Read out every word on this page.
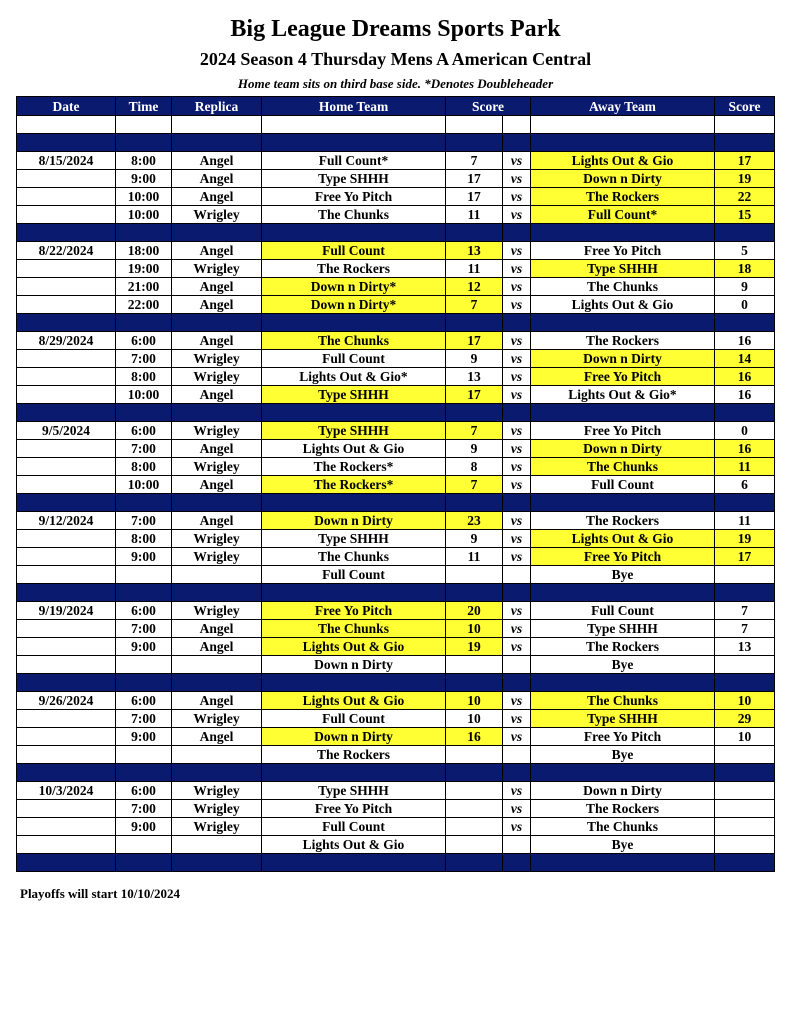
Big League Dreams Sports Park
2024 Season 4 Thursday Mens A American Central
Home team sits on third base side. *Denotes Doubleheader
Date	Time	Replica	Home Team	Score		Away Team	Score

8/15/2024	8:00	Angel	Full Count*	7	vs	Lights Out & Gio	17
	9:00	Angel	Type SHHH	17	vs	Down n Dirty	19
	10:00	Angel	Free Yo Pitch	17	vs	The Rockers	22
	10:00	Wrigley	The Chunks	11	vs	Full Count*	15

8/22/2024	18:00	Angel	Full Count	13	vs	Free Yo Pitch	5
	19:00	Wrigley	The Rockers	11	vs	Type SHHH	18
	21:00	Angel	Down n Dirty*	12	vs	The Chunks	9
	22:00	Angel	Down n Dirty*	7	vs	Lights Out & Gio	0

8/29/2024	6:00	Angel	The Chunks	17	vs	The Rockers	16
	7:00	Wrigley	Full Count	9	vs	Down n Dirty	14
	8:00	Wrigley	Lights Out & Gio*	13	vs	Free Yo Pitch	16
	10:00	Angel	Type SHHH	17	vs	Lights Out & Gio*	16

9/5/2024	6:00	Wrigley	Type SHHH	7	vs	Free Yo Pitch	0
	7:00	Angel	Lights Out & Gio	9	vs	Down n Dirty	16
	8:00	Wrigley	The Rockers*	8	vs	The Chunks	11
	10:00	Angel	The Rockers*	7	vs	Full Count	6

9/12/2024	7:00	Angel	Down n Dirty	23	vs	The Rockers	11
	8:00	Wrigley	Type SHHH	9	vs	Lights Out & Gio	19
	9:00	Wrigley	The Chunks	11	vs	Free Yo Pitch	17
			Full Count			Bye	

9/19/2024	6:00	Wrigley	Free Yo Pitch	20	vs	Full Count	7
	7:00	Angel	The Chunks	10	vs	Type SHHH	7
	9:00	Angel	Lights Out & Gio	19	vs	The Rockers	13
			Down n Dirty			Bye	

9/26/2024	6:00	Angel	Lights Out & Gio	10	vs	The Chunks	10
	7:00	Wrigley	Full Count	10	vs	Type SHHH	29
	9:00	Angel	Down n Dirty	16	vs	Free Yo Pitch	10
			The Rockers			Bye	

10/3/2024	6:00	Wrigley	Type SHHH		vs	Down n Dirty	
	7:00	Wrigley	Free Yo Pitch		vs	The Rockers	
	9:00	Wrigley	Full Count		vs	The Chunks	
			Lights Out & Gio			Bye	

Playoffs will start 10/10/2024
